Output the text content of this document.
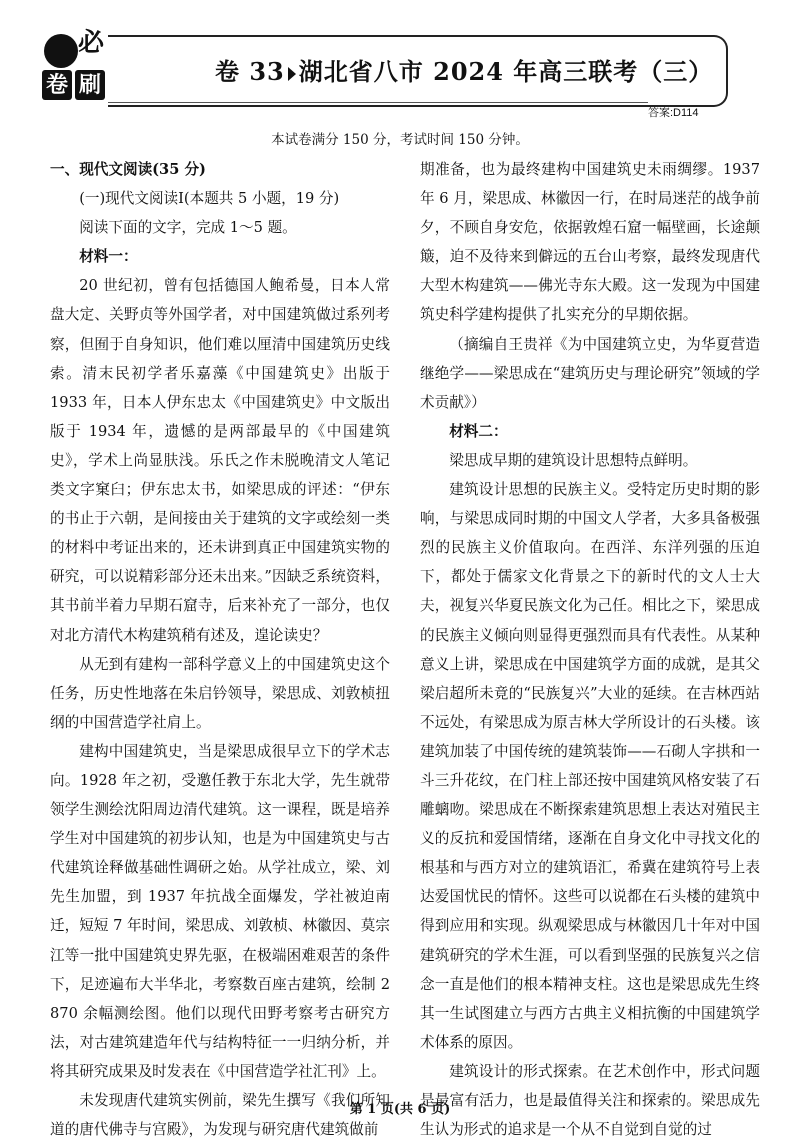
必
卷 刷	卷 33 湖北省八市 2024 年高三联考（三）
答案:D114
本试卷满分 150 分，考试时间 150 分钟。

一、现代文阅读(35 分)

(一)现代文阅读Ⅰ(本题共 5 小题，19 分)

阅读下面的文字，完成 1～5 题。

材料一：

20 世纪初，曾有包括德国人鲍希曼，日本人常盘大定、关野贞等外国学者，对中国建筑做过系列考察，但囿于自身知识，他们难以厘清中国建筑历史线索。清末民初学者乐嘉藻《中国建筑史》出版于 1933 年，日本人伊东忠太《中国建筑史》中文版出版于 1934 年，遗憾的是两部最早的《中国建筑史》，学术上尚显肤浅。乐氏之作未脱晚清文人笔记类文字窠臼；伊东忠太书，如梁思成的评述：“伊东的书止于六朝，是间接由关于建筑的文字或绘刻一类的材料中考证出来的，还未讲到真正中国建筑实物的研究，可以说精彩部分还未出来。”因缺乏系统资料，其书前半着力早期石窟寺，后来补充了一部分，也仅对北方清代木构建筑稍有述及，遑论读史？

从无到有建构一部科学意义上的中国建筑史这个任务，历史性地落在朱启钤领导，梁思成、刘敦桢扭纲的中国营造学社肩上。

建构中国建筑史，当是梁思成很早立下的学术志向。1928 年之初，受邀任教于东北大学，先生就带领学生测绘沈阳周边清代建筑。这一课程，既是培养学生对中国建筑的初步认知，也是为中国建筑史与古代建筑诠释做基础性调研之始。从学社成立，梁、刘先生加盟，到 1937 年抗战全面爆发，学社被迫南迁，短短 7 年时间，梁思成、刘敦桢、林徽因、莫宗江等一批中国建筑史界先驱，在极端困难艰苦的条件下，足迹遍布大半华北，考察数百座古建筑，绘制 2 870 余幅测绘图。他们以现代田野考察考古研究方法，对古建筑建造年代与结构特征一一归纳分析，并将其研究成果及时发表在《中国营造学社汇刊》上。

未发现唐代建筑实例前，梁先生撰写《我们所知道的唐代佛寺与宫殿》，为发现与研究唐代建筑做前

期准备，也为最终建构中国建筑史未雨绸缪。1937 年 6 月，梁思成、林徽因一行，在时局迷茫的战争前夕，不顾自身安危，依据敦煌石窟一幅壁画，长途颠簸，迫不及待来到僻远的五台山考察，最终发现唐代大型木构建筑——佛光寺东大殿。这一发现为中国建筑史科学建构提供了扎实充分的早期依据。

（摘编自王贵祥《为中国建筑立史，为华夏营造继绝学——梁思成在“建筑历史与理论研究”领域的学术贡献》）

材料二：

梁思成早期的建筑设计思想特点鲜明。

建筑设计思想的民族主义。受特定历史时期的影响，与梁思成同时期的中国文人学者，大多具备极强烈的民族主义价值取向。在西洋、东洋列强的压迫下，都处于儒家文化背景之下的新时代的文人士大夫，视复兴华夏民族文化为己任。相比之下，梁思成的民族主义倾向则显得更强烈而具有代表性。从某种意义上讲，梁思成在中国建筑学方面的成就，是其父梁启超所未竟的“民族复兴”大业的延续。在吉林西站不远处，有梁思成为原吉林大学所设计的石头楼。该建筑加装了中国传统的建筑装饰——石砌人字拱和一斗三升花纹，在门柱上部还按中国建筑风格安装了石雕螭吻。梁思成在不断探索建筑思想上表达对殖民主义的反抗和爱国情绪，逐渐在自身文化中寻找文化的根基和与西方对立的建筑语汇，希冀在建筑符号上表达爱国忧民的情怀。这些可以说都在石头楼的建筑中得到应用和实现。纵观梁思成与林徽因几十年对中国建筑研究的学术生涯，可以看到坚强的民族复兴之信念一直是他们的根本精神支柱。这也是梁思成先生终其一生试图建立与西方古典主义相抗衡的中国建筑学术体系的原因。

建筑设计的形式探索。在艺术创作中，形式问题是最富有活力，也是最值得关注和探索的。梁思成先生认为形式的追求是一个从不自觉到自觉的过

第 1 页(共 6 页)
